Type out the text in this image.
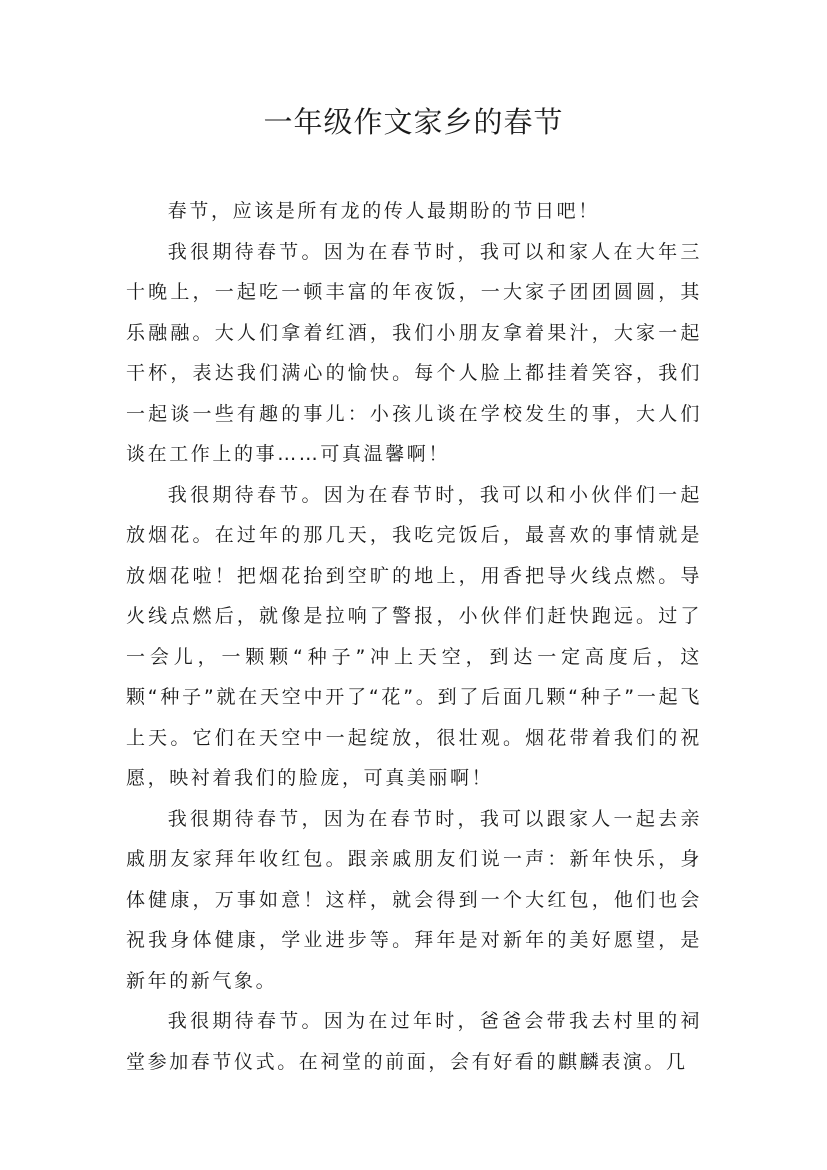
一年级作文家乡的春节

春节，应该是所有龙的传人最期盼的节日吧！

我很期待春节。因为在春节时，我可以和家人在大年三十晚上，一起吃一顿丰富的年夜饭，一大家子团团圆圆，其乐融融。大人们拿着红酒，我们小朋友拿着果汁，大家一起干杯，表达我们满心的愉快。每个人脸上都挂着笑容，我们一起谈一些有趣的事儿：小孩儿谈在学校发生的事，大人们谈在工作上的事……可真温馨啊！

我很期待春节。因为在春节时，我可以和小伙伴们一起放烟花。在过年的那几天，我吃完饭后，最喜欢的事情就是放烟花啦！把烟花抬到空旷的地上，用香把导火线点燃。导火线点燃后，就像是拉响了警报，小伙伴们赶快跑远。过了一会儿，一颗颗“种子”冲上天空，到达一定高度后，这颗“种子”就在天空中开了“花”。到了后面几颗“种子”一起飞上天。它们在天空中一起绽放，很壮观。烟花带着我们的祝愿，映衬着我们的脸庞，可真美丽啊！

我很期待春节，因为在春节时，我可以跟家人一起去亲戚朋友家拜年收红包。跟亲戚朋友们说一声：新年快乐，身体健康，万事如意！这样，就会得到一个大红包，他们也会祝我身体健康，学业进步等。拜年是对新年的美好愿望，是新年的新气象。

我很期待春节。因为在过年时，爸爸会带我去村里的祠堂参加春节仪式。在祠堂的前面，会有好看的麒麟表演。几
